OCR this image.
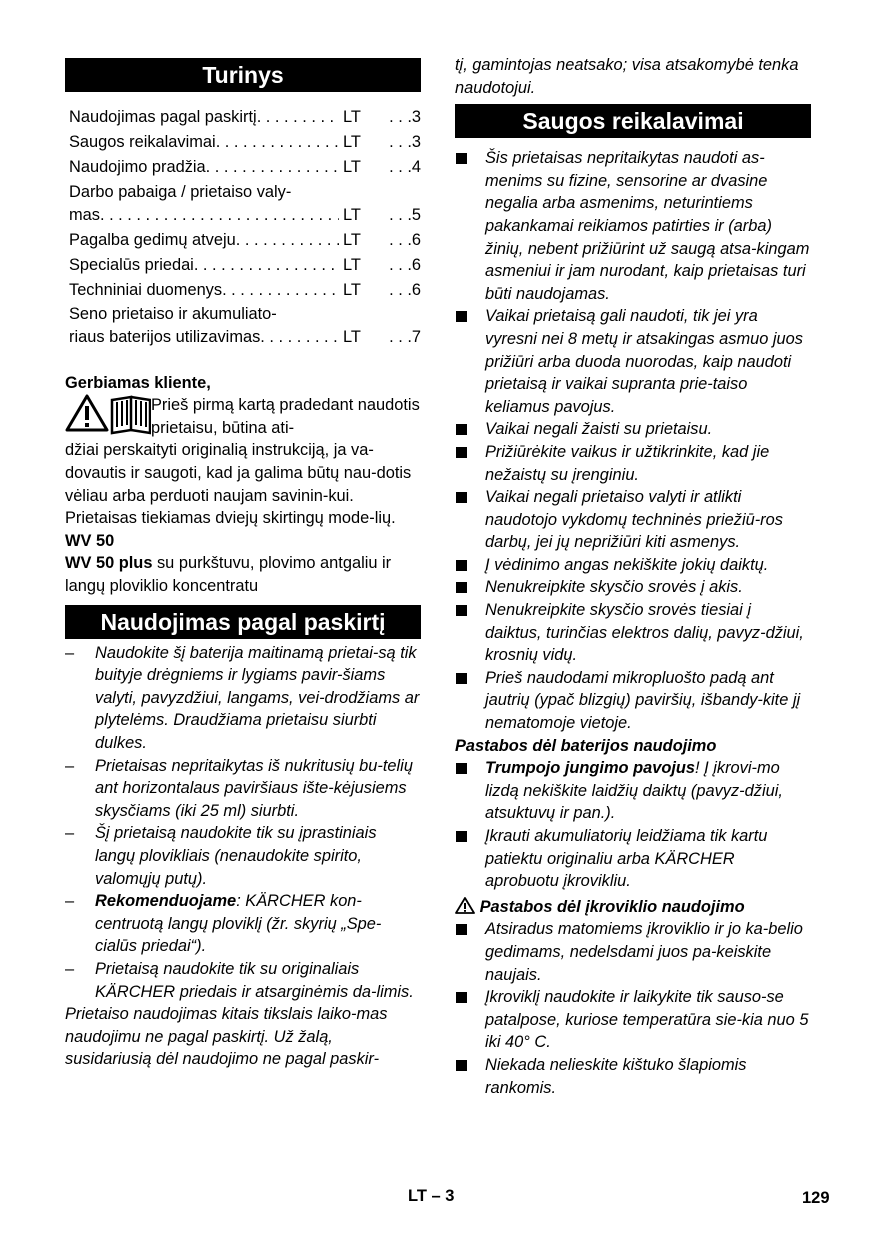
Turinys
Naudojimas pagal paskirtį . . .	LT	. . .3
Saugos reikalavimai . . .	LT	. . .3
Naudojimo pradžia . . .	LT	. . .4
Darbo pabaiga / prietaiso valy-
mas . . .	LT	. . .5
Pagalba gedimų atveju . . .	LT	. . .6
Specialūs priedai . . .	LT	. . .6
Techniniai duomenys . . .	LT	. . .6
Seno prietaiso ir akumuliato-
riaus baterijos utilizavimas . . .	LT	. . .7
Gerbiamas kliente,
Prieš pirmą kartą pradedant naudotis prietaisu, būtina ati-
džiai perskaityti originalią instrukciją, ja va-dovautis ir saugoti, kad ja galima būtų nau-dotis vėliau arba perduoti naujam savinin-kui.
Prietaisas tiekiamas dviejų skirtingų mode-lių.
WV 50
WV 50 plus su purkštuvu, plovimo antgaliu ir langų ploviklio koncentratu
Naudojimas pagal paskirtį
– Naudokite šį baterija maitinamą prietai-są tik buityje drėgniems ir lygiams pavir-šiams valyti, pavyzdžiui, langams, vei-drodžiams ar plytelėms. Draudžiama prietaisu siurbti dulkes.
– Prietaisas nepritaikytas iš nukritusių bu-telių ant horizontalaus paviršiaus ište-kėjusiems skysčiams (iki 25 ml) siurbti.
– Šį prietaisą naudokite tik su įprastiniais langų plovikliais (nenaudokite spirito, valomųjų putų).
– Rekomenduojame: KÄRCHER kon-centruotą langų ploviklį (žr. skyrių „Spe-cialūs priedai“).
– Prietaisą naudokite tik su originaliais KÄRCHER priedais ir atsarginėmis da-limis.
Prietaiso naudojimas kitais tikslais laiko-mas naudojimu ne pagal paskirtį. Už žalą, susidariusią dėl naudojimo ne pagal paskir-
tį, gamintojas neatsako; visa atsakomybė tenka naudotojui.
Saugos reikalavimai
Šis prietaisas nepritaikytas naudoti as-menims su fizine, sensorine ar dvasine negalia arba asmenims, neturintiems pakankamai reikiamos patirties ir (arba) žinių, nebent prižiūrint už saugą atsa-kingam asmeniui ir jam nurodant, kaip prietaisas turi būti naudojamas.
Vaikai prietaisą gali naudoti, tik jei yra vyresni nei 8 metų ir atsakingas asmuo juos prižiūri arba duoda nuorodas, kaip naudoti prietaisą ir vaikai supranta prie-taiso keliamus pavojus.
Vaikai negali žaisti su prietaisu.
Prižiūrėkite vaikus ir užtikrinkite, kad jie nežaistų su įrenginiu.
Vaikai negali prietaiso valyti ir atlikti naudotojo vykdomų techninės priežiū-ros darbų, jei jų neprižiūri kiti asmenys.
Į vėdinimo angas nekiškite jokių daiktų.
Nenukreipkite skysčio srovės į akis.
Nenukreipkite skysčio srovės tiesiai į daiktus, turinčias elektros dalių, pavyz-džiui, krosnių vidų.
Prieš naudodami mikropluošto padą ant jautrių (ypač blizgių) paviršių, išbandy-kite jį nematomoje vietoje.
Pastabos dėl baterijos naudojimo
Trumpojo jungimo pavojus! Į įkrovi-mo lizdą nekiškite laidžių daiktų (pavyz-džiui, atsuktuvų ir pan.).
Įkrauti akumuliatorių leidžiama tik kartu patiektu originaliu arba KÄRCHER aprobuotu įkrovikliu.
Pastabos dėl įkroviklio naudojimo
Atsiradus matomiems įkroviklio ir jo ka-belio gedimams, nedelsdami juos pa-keiskite naujais.
Įkroviklį naudokite ir laikykite tik sauso-se patalpose, kuriose temperatūra sie-kia nuo 5 iki 40° C.
Niekada nelieskite kištuko šlapiomis rankomis.
LT – 3	129
